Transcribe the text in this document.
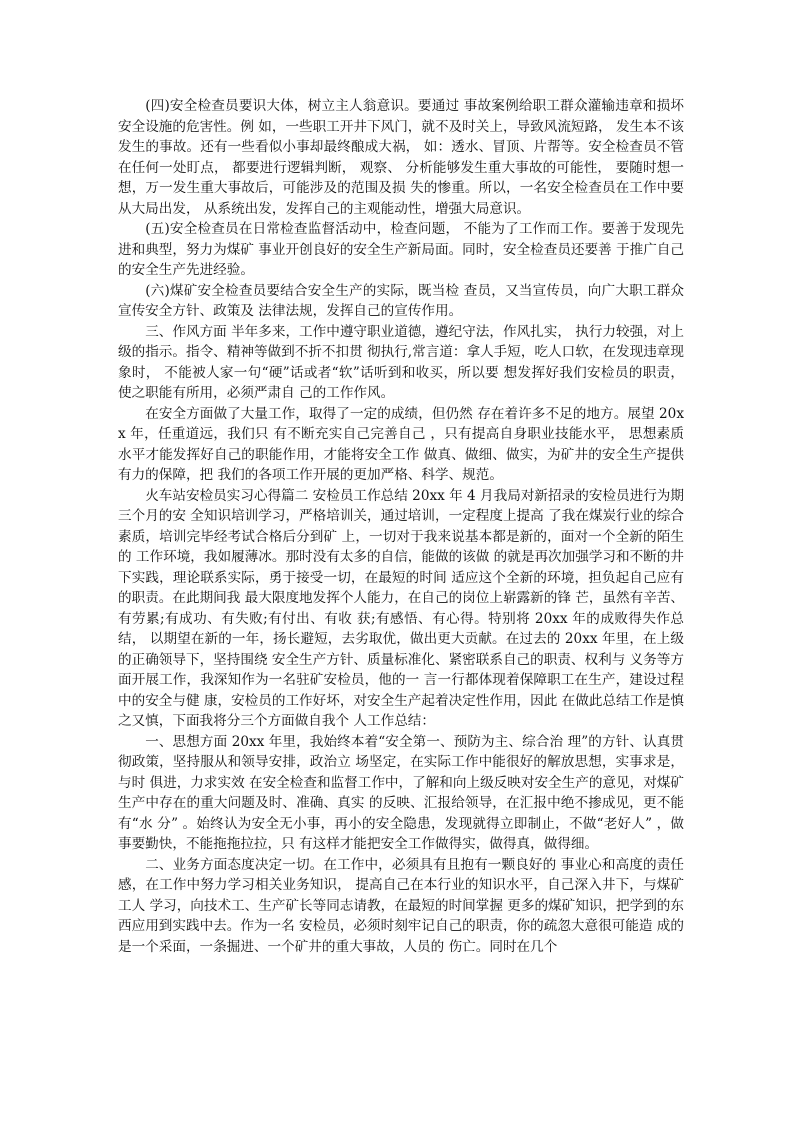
(四)安全检查员要识大体，树立主人翁意识。要通过 事故案例给职工群众灌输违章和损坏安全设施的危害性。例 如，一些职工开井下风门，就不及时关上，导致风流短路， 发生本不该发生的事故。还有一些看似小事却最终酿成大祸， 如：透水、冒顶、片帮等。安全检查员不管在任何一处盯点， 都要进行逻辑判断， 观察、 分析能够发生重大事故的可能性， 要随时想一想，万一发生重大事故后，可能涉及的范围及损 失的惨重。所以，一名安全检查员在工作中要从大局出发， 从系统出发，发挥自己的主观能动性，增强大局意识。

(五)安全检查员在日常检查监督活动中，检查问题， 不能为了工作而工作。要善于发现先进和典型，努力为煤矿 事业开创良好的安全生产新局面。同时，安全检查员还要善 于推广自己的安全生产先进经验。

(六)煤矿安全检查员要结合安全生产的实际，既当检 查员，又当宣传员，向广大职工群众宣传安全方针、政策及 法律法规，发挥自己的宣传作用。

三、作风方面 半年多来，工作中遵守职业道德，遵纪守法，作风扎实， 执行力较强，对上级的指示。指令、精神等做到不折不扣贯 彻执行,常言道：拿人手短，吃人口软，在发现违章现象时， 不能被人家一句“硬”话或者“软”话听到和收买，所以要 想发挥好我们安检员的职责，使之职能有所用，必须严肃自 己的工作作风。

在安全方面做了大量工作，取得了一定的成绩，但仍然 存在着许多不足的地方。展望 20xx 年，任重道远，我们只 有不断充实自己完善自己 ，只有提高自身职业技能水平， 思想素质水平才能发挥好自己的职能作用，才能将安全工作 做真、做细、做实，为矿井的安全生产提供有力的保障，把 我们的各项工作开展的更加严格、科学、规范。

火车站安检员实习心得篇二 安检员工作总结 20xx 年 4 月我局对新招录的安检员进行为期三个月的安 全知识培训学习，严格培训关，通过培训，一定程度上提高 了我在煤炭行业的综合素质，培训完毕经考试合格后分到矿 上，一切对于我来说基本都是新的，面对一个全新的陌生的 工作环境，我如履薄冰。那时没有太多的自信，能做的该做 的就是再次加强学习和不断的井 下实践，理论联系实际，勇于接受一切，在最短的时间 适应这个全新的环境，担负起自己应有的职责。在此期间我 最大限度地发挥个人能力，在自己的岗位上崭露新的锋 芒，虽然有辛苦、有劳累;有成功、有失败;有付出、有收 获;有感悟、有心得。特别将 20xx 年的成败得失作总结， 以期望在新的一年，扬长避短，去劣取优，做出更大贡献。在过去的 20xx 年里，在上级的正确领导下，坚持围绕 安全生产方针、质量标准化、紧密联系自己的职责、权利与 义务等方面开展工作，我深知作为一名驻矿安检员，他的一 言一行都体现着保障职工在生产，建设过程中的安全与健 康，安检员的工作好坏，对安全生产起着决定性作用，因此 在做此总结工作是慎之又慎，下面我将分三个方面做自我个 人工作总结：

一、思想方面 20xx 年里，我始终本着“安全第一、预防为主、综合治 理”的方针、认真贯彻政策，坚持服从和领导安排，政治立 场坚定，在实际工作中能很好的解放思想，实事求是，与时 俱进，力求实效 在安全检查和监督工作中，了解和向上级反映对安全生产的意见，对煤矿生产中存在的重大问题及时、准确、真实 的反映、汇报给领导，在汇报中绝不掺成见，更不能有“水 分” 。始终认为安全无小事，再小的安全隐患，发现就得立即制止，不做“老好人” ，做事要勤快，不能拖拖拉拉，只 有这样才能把安全工作做得实，做得真，做得细。

二、业务方面态度决定一切。在工作中，必须具有且抱有一颗良好的 事业心和高度的责任感，在工作中努力学习相关业务知识， 提高自己在本行业的知识水平，自己深入井下，与煤矿工人 学习，向技术工、生产矿长等同志请教，在最短的时间掌握 更多的煤矿知识，把学到的东西应用到实践中去。作为一名 安检员，必须时刻牢记自己的职责，你的疏忽大意很可能造 成的是一个采面，一条掘进、一个矿井的重大事故，人员的 伤亡。同时在几个
